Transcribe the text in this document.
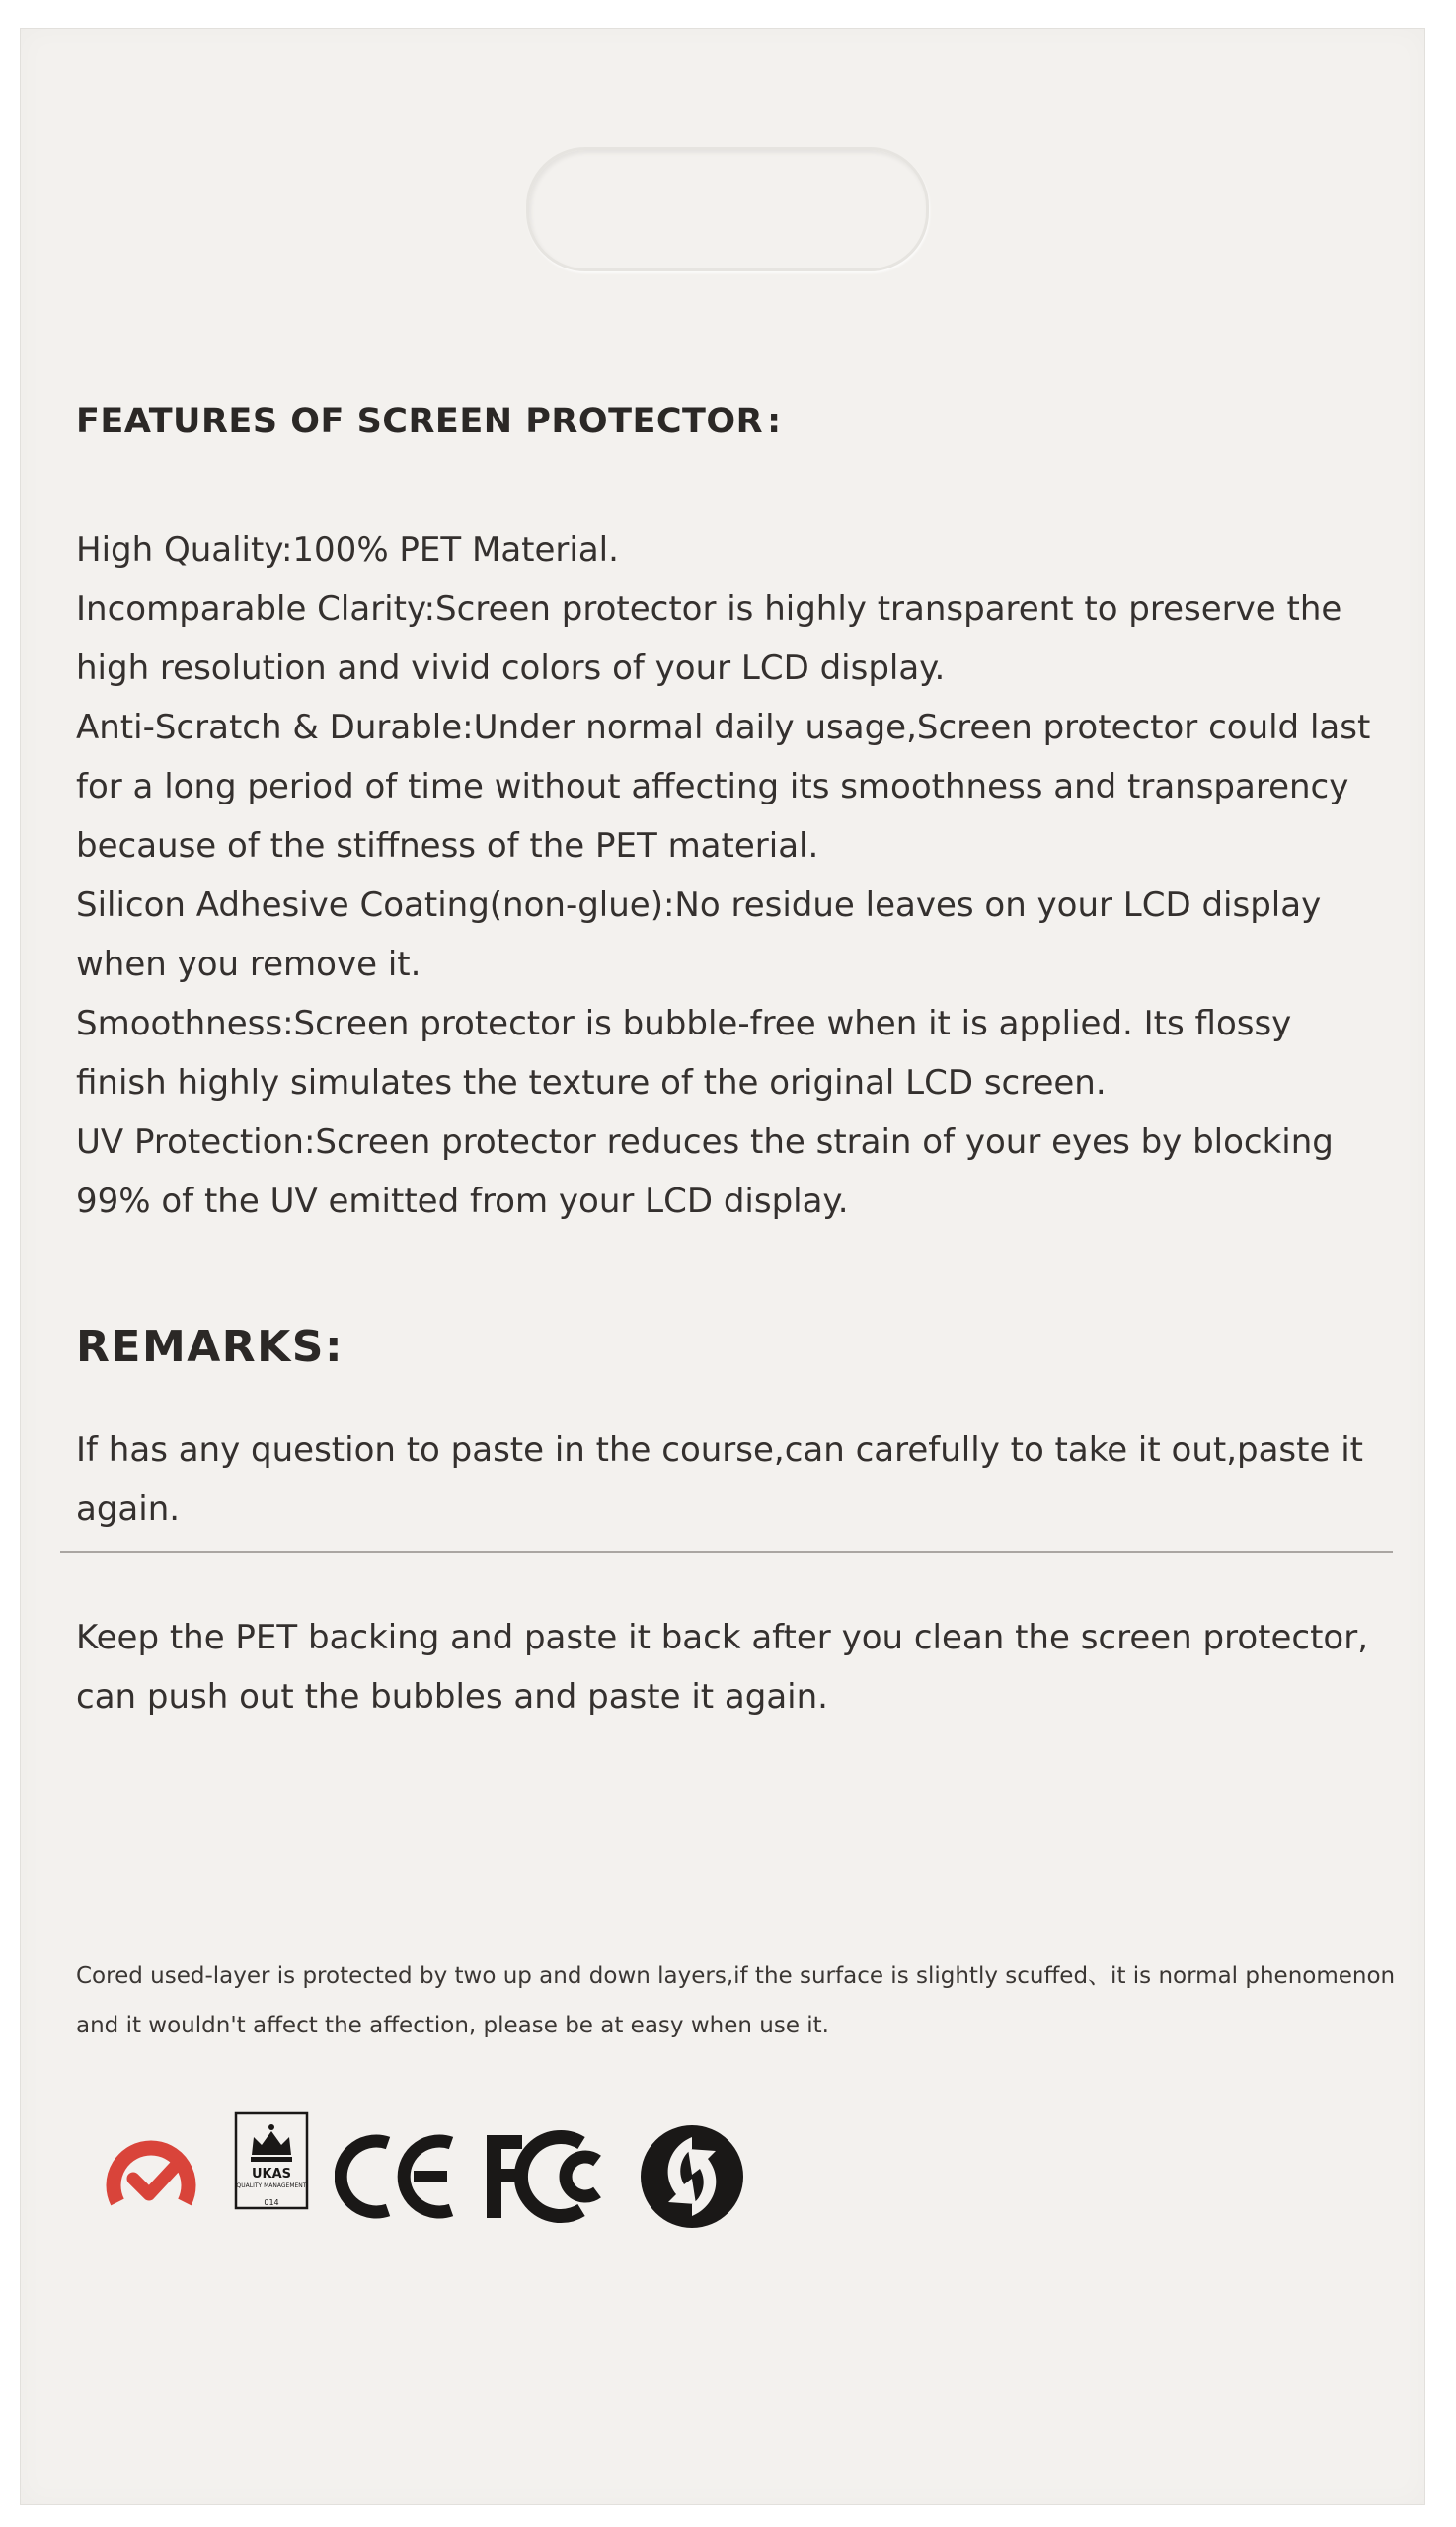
FEATURES OF SCREEN PROTECTOR :

High Quality:100% PET Material.

Incomparable Clarity:Screen protector is highly transparent to preserve the high resolution and vivid colors of your LCD display.

Anti-Scratch & Durable:Under normal daily usage,Screen protector could last for a long period of time without affecting its smoothness and transparency because of the stiffness of the PET material.

Silicon Adhesive Coating(non-glue):No residue leaves on your LCD display when you remove it.

Smoothness:Screen protector is bubble-free when it is applied. Its flossy finish highly simulates the texture of the original LCD screen.

UV Protection:Screen protector reduces the strain of your eyes by blocking 99% of the UV emitted from your LCD display.

REMARKS:

If has any question to paste in the course,can carefully to take it out,paste it again.

Keep the PET backing and paste it back after you clean the screen protector, can push out the bubbles and paste it again.

Cored used-layer is protected by two up and down layers,if the surface is slightly scuffed、it is normal phenomenon and it wouldn't affect the affection, please be at easy when use it.

UKAS
QUALITY MANAGEMENT
014
